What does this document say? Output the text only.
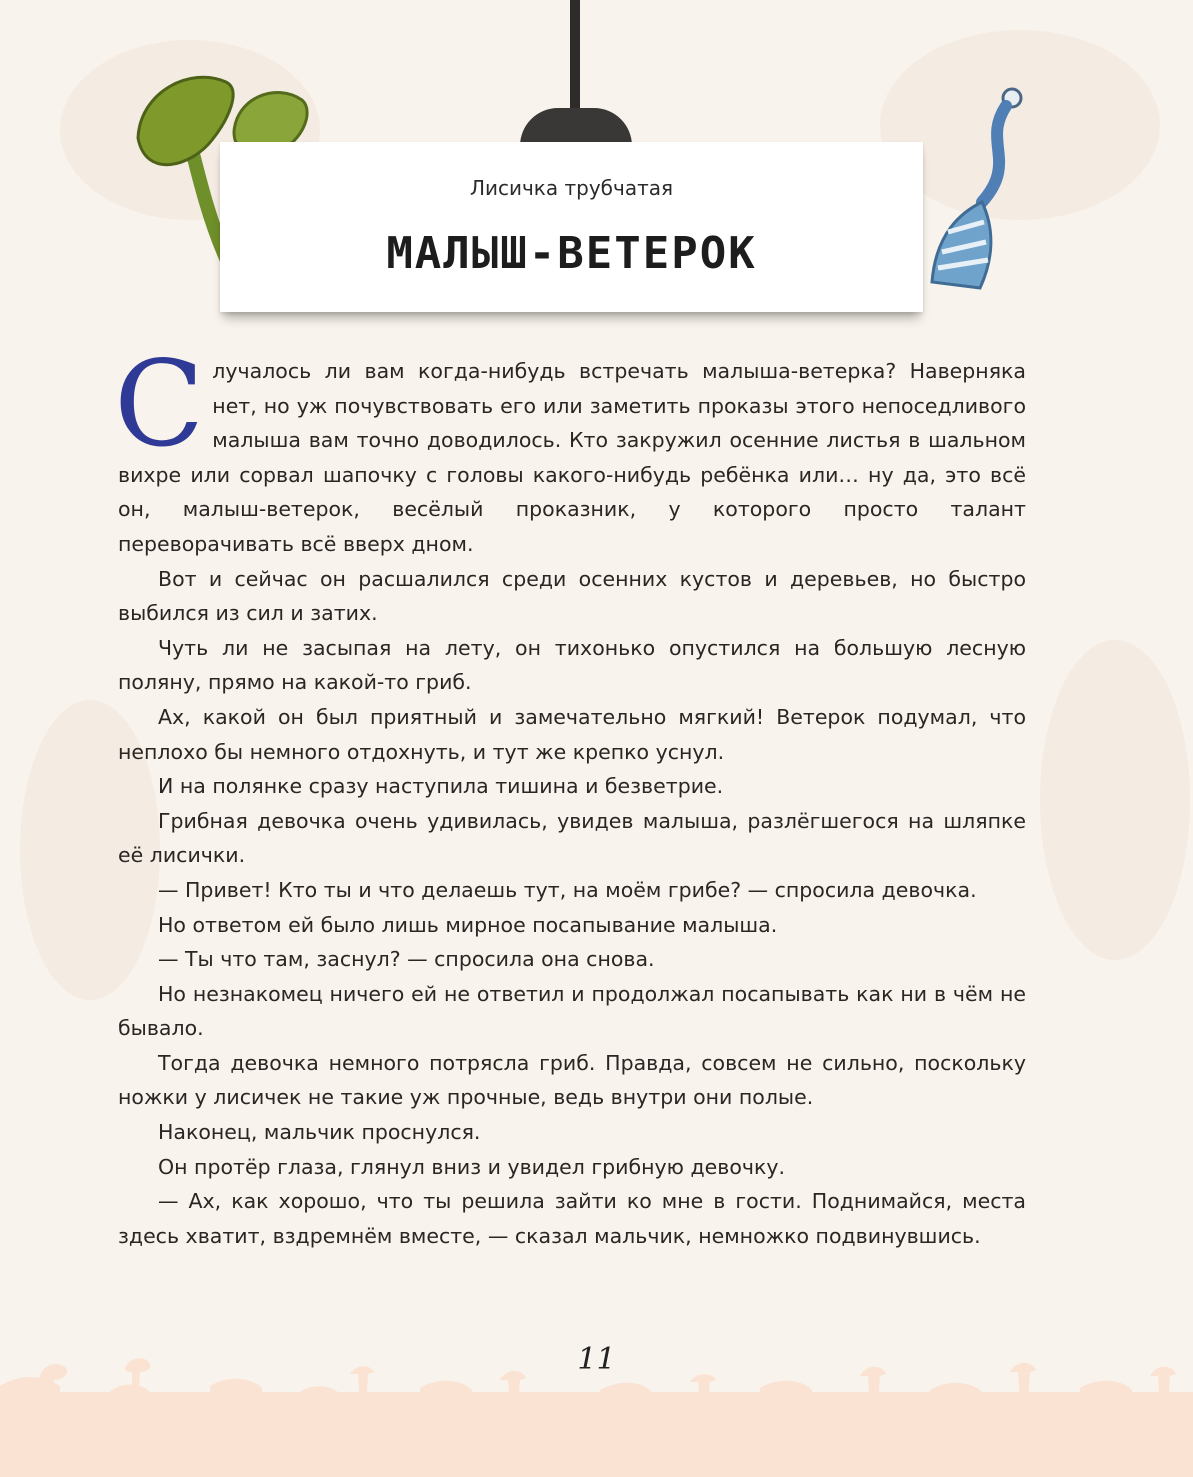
Лисичка трубчатая
МАЛЫШ-ВЕТЕРОК

Случалось ли вам когда-нибудь встречать малыша-ветерка? Наверняка нет, но уж почувствовать его или заметить проказы этого непоседливого малыша вам точно доводилось. Кто закружил осенние листья в шальном вихре или сорвал шапочку с головы какого-нибудь ребёнка или… ну да, это всё он, малыш-ветерок, весёлый проказник, у которого просто талант переворачивать всё вверх дном.

Вот и сейчас он расшалился среди осенних кустов и деревьев, но быстро выбился из сил и затих.

Чуть ли не засыпая на лету, он тихонько опустился на большую лесную поляну, прямо на какой-то гриб.

Ах, какой он был приятный и замечательно мягкий! Ветерок подумал, что неплохо бы немного отдохнуть, и тут же крепко уснул.

И на полянке сразу наступила тишина и безветрие.

Грибная девочка очень удивилась, увидев малыша, разлёгшегося на шляпке её лисички.

— Привет! Кто ты и что делаешь тут, на моём грибе? — спросила девочка.

Но ответом ей было лишь мирное посапывание малыша.

— Ты что там, заснул? — спросила она снова.

Но незнакомец ничего ей не ответил и продолжал посапывать как ни в чём не бывало.

Тогда девочка немного потрясла гриб. Правда, совсем не сильно, поскольку ножки у лисичек не такие уж прочные, ведь внутри они полые.

Наконец, мальчик проснулся.

Он протёр глаза, глянул вниз и увидел грибную девочку.

— Ах, как хорошо, что ты решила зайти ко мне в гости. Поднимайся, места здесь хватит, вздремнём вместе, — сказал мальчик, немножко подвинувшись.

11
